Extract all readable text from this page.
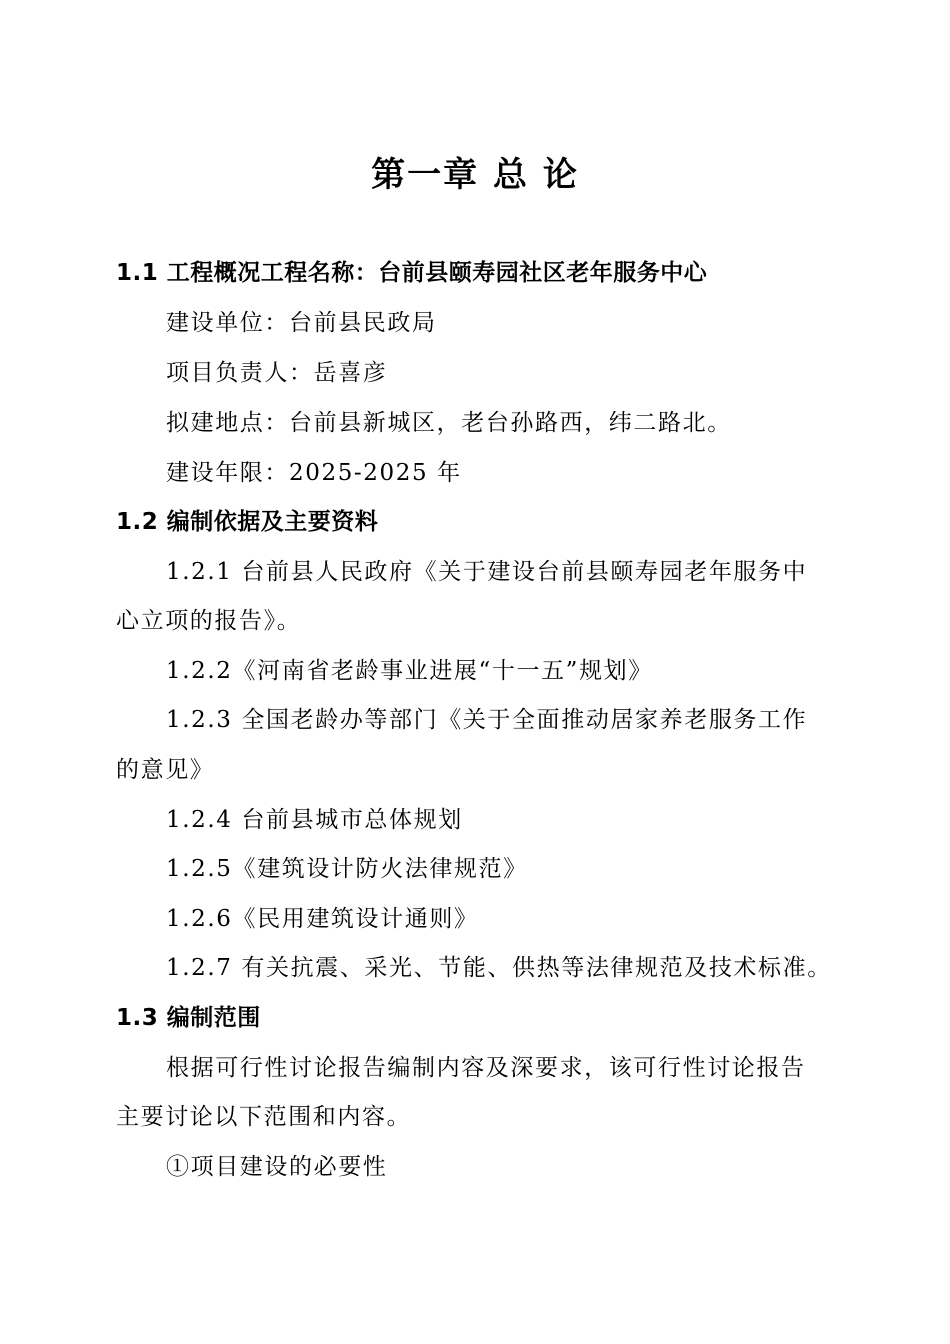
第一章 总 论
1.1 工程概况工程名称：台前县颐寿园社区老年服务中心
建设单位：台前县民政局
项目负责人：岳喜彦
拟建地点：台前县新城区，老台孙路西，纬二路北。
建设年限：2025-2025 年
1.2 编制依据及主要资料
1.2.1 台前县人民政府《关于建设台前县颐寿园老年服务中
心立项的报告》。
1.2.2《河南省老龄事业进展“十一五”规划》
1.2.3 全国老龄办等部门《关于全面推动居家养老服务工作
的意见》
1.2.4 台前县城市总体规划
1.2.5《建筑设计防火法律规范》
1.2.6《民用建筑设计通则》
1.2.7 有关抗震、采光、节能、供热等法律规范及技术标准。
1.3 编制范围
根据可行性讨论报告编制内容及深要求，该可行性讨论报告
主要讨论以下范围和内容。
①项目建设的必要性
